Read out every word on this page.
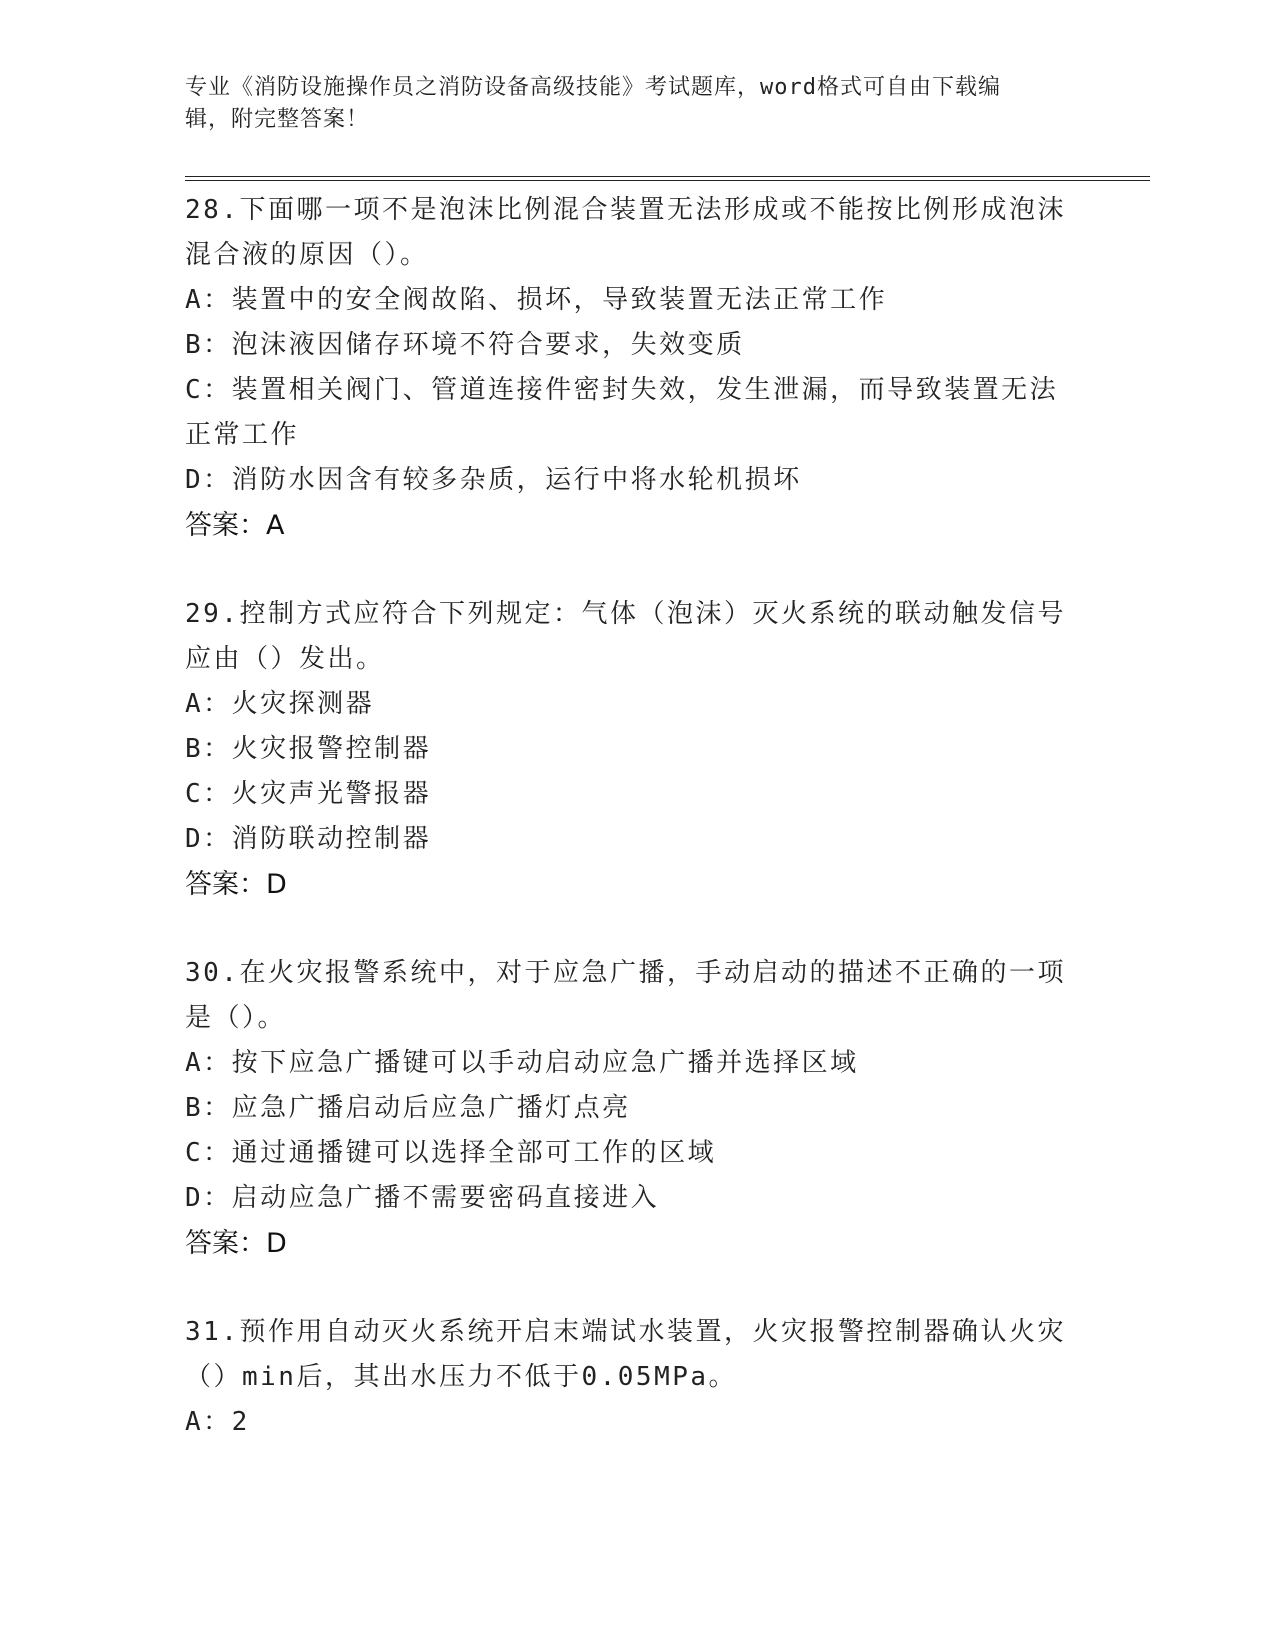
专业《消防设施操作员之消防设备高级技能》考试题库，word格式可自由下载编
辑，附完整答案！

28.下面哪一项不是泡沫比例混合装置无法形成或不能按比例形成泡沫

混合液的原因（）。

A：装置中的安全阀故陷、损坏，导致装置无法正常工作

B：泡沫液因储存环境不符合要求，失效变质

C：装置相关阀门、管道连接件密封失效，发生泄漏，而导致装置无法

正常工作

D：消防水因含有较多杂质，运行中将水轮机损坏

答案：A

29.控制方式应符合下列规定：气体（泡沫）灭火系统的联动触发信号

应由（）发出。

A：火灾探测器

B：火灾报警控制器

C：火灾声光警报器

D：消防联动控制器

答案：D

30.在火灾报警系统中，对于应急广播，手动启动的描述不正确的一项

是（）。

A：按下应急广播键可以手动启动应急广播并选择区域

B：应急广播启动后应急广播灯点亮

C：通过通播键可以选择全部可工作的区域

D：启动应急广播不需要密码直接进入

答案：D

31.预作用自动灭火系统开启末端试水装置，火灾报警控制器确认火灾

（）min后，其出水压力不低于0.05MPa。

A：2
